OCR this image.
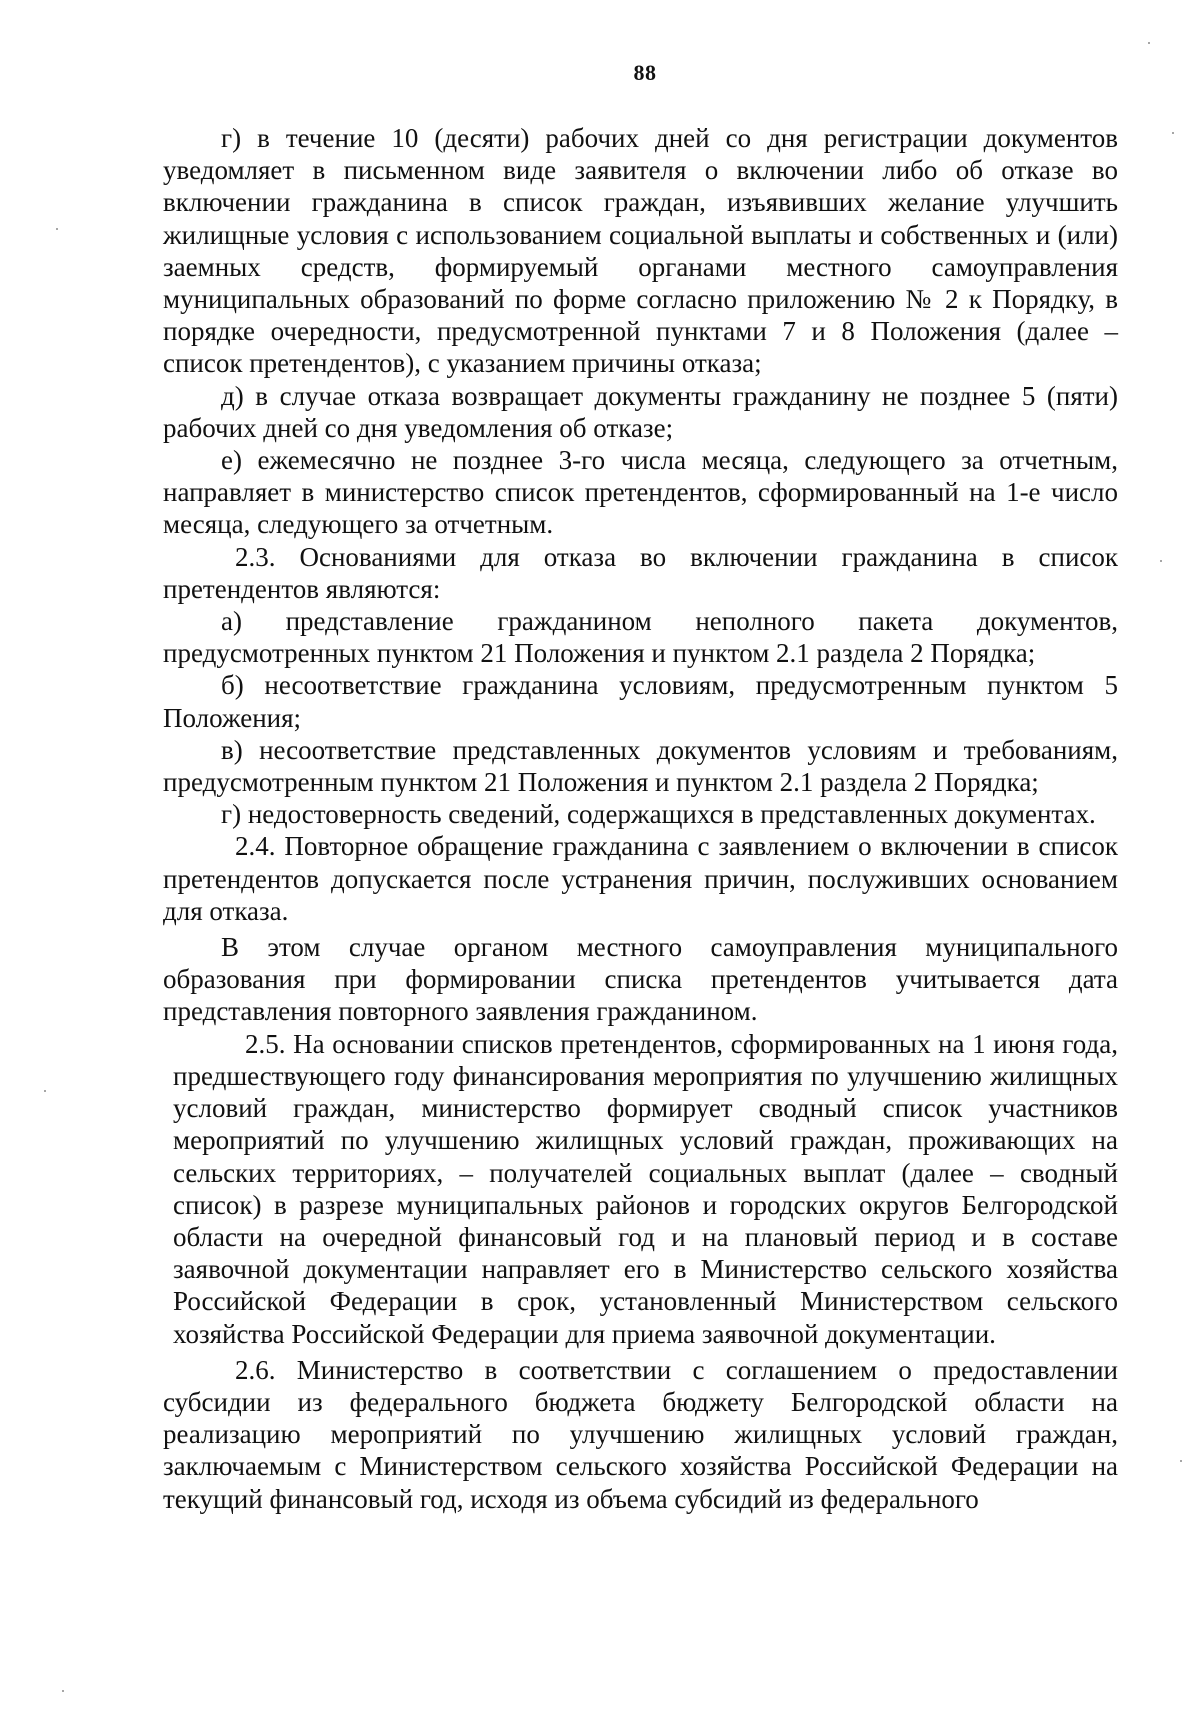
88

г) в течение 10 (десяти) рабочих дней со дня регистрации документов уведомляет в письменном виде заявителя о включении либо об отказе во включении гражданина в список граждан, изъявивших желание улучшить жилищные условия с использованием социальной выплаты и собственных и (или) заемных средств, формируемый органами местного самоуправления муниципальных образований по форме согласно приложению № 2 к Порядку, в порядке очередности, предусмотренной пунктами 7 и 8 Положения (далее – список претендентов), с указанием причины отказа;

д) в случае отказа возвращает документы гражданину не позднее 5 (пяти) рабочих дней со дня уведомления об отказе;

е) ежемесячно не позднее 3-го числа месяца, следующего за отчетным, направляет в министерство список претендентов, сформированный на 1-е число месяца, следующего за отчетным.

2.3. Основаниями для отказа во включении гражданина в список претендентов являются:

а) представление гражданином неполного пакета документов, предусмотренных пунктом 21 Положения и пунктом 2.1 раздела 2 Порядка;

б) несоответствие гражданина условиям, предусмотренным пунктом 5 Положения;

в) несоответствие представленных документов условиям и требованиям, предусмотренным пунктом 21 Положения и пунктом 2.1 раздела 2 Порядка;

г) недостоверность сведений, содержащихся в представленных документах.

2.4. Повторное обращение гражданина с заявлением о включении в список претендентов допускается после устранения причин, послуживших основанием для отказа.

В этом случае органом местного самоуправления муниципального образования при формировании списка претендентов учитывается дата представления повторного заявления гражданином.

2.5. На основании списков претендентов, сформированных на 1 июня года, предшествующего году финансирования мероприятия по улучшению жилищных условий граждан, министерство формирует сводный список участников мероприятий по улучшению жилищных условий граждан, проживающих на сельских территориях, – получателей социальных выплат (далее – сводный список) в разрезе муниципальных районов и городских округов Белгородской области на очередной финансовый год и на плановый период и в составе заявочной документации направляет его в Министерство сельского хозяйства Российской Федерации в срок, установленный Министерством сельского хозяйства Российской Федерации для приема заявочной документации.

2.6. Министерство в соответствии с соглашением о предоставлении субсидии из федерального бюджета бюджету Белгородской области на реализацию мероприятий по улучшению жилищных условий граждан, заключаемым с Министерством сельского хозяйства Российской Федерации на текущий финансовый год, исходя из объема субсидий из федерального
